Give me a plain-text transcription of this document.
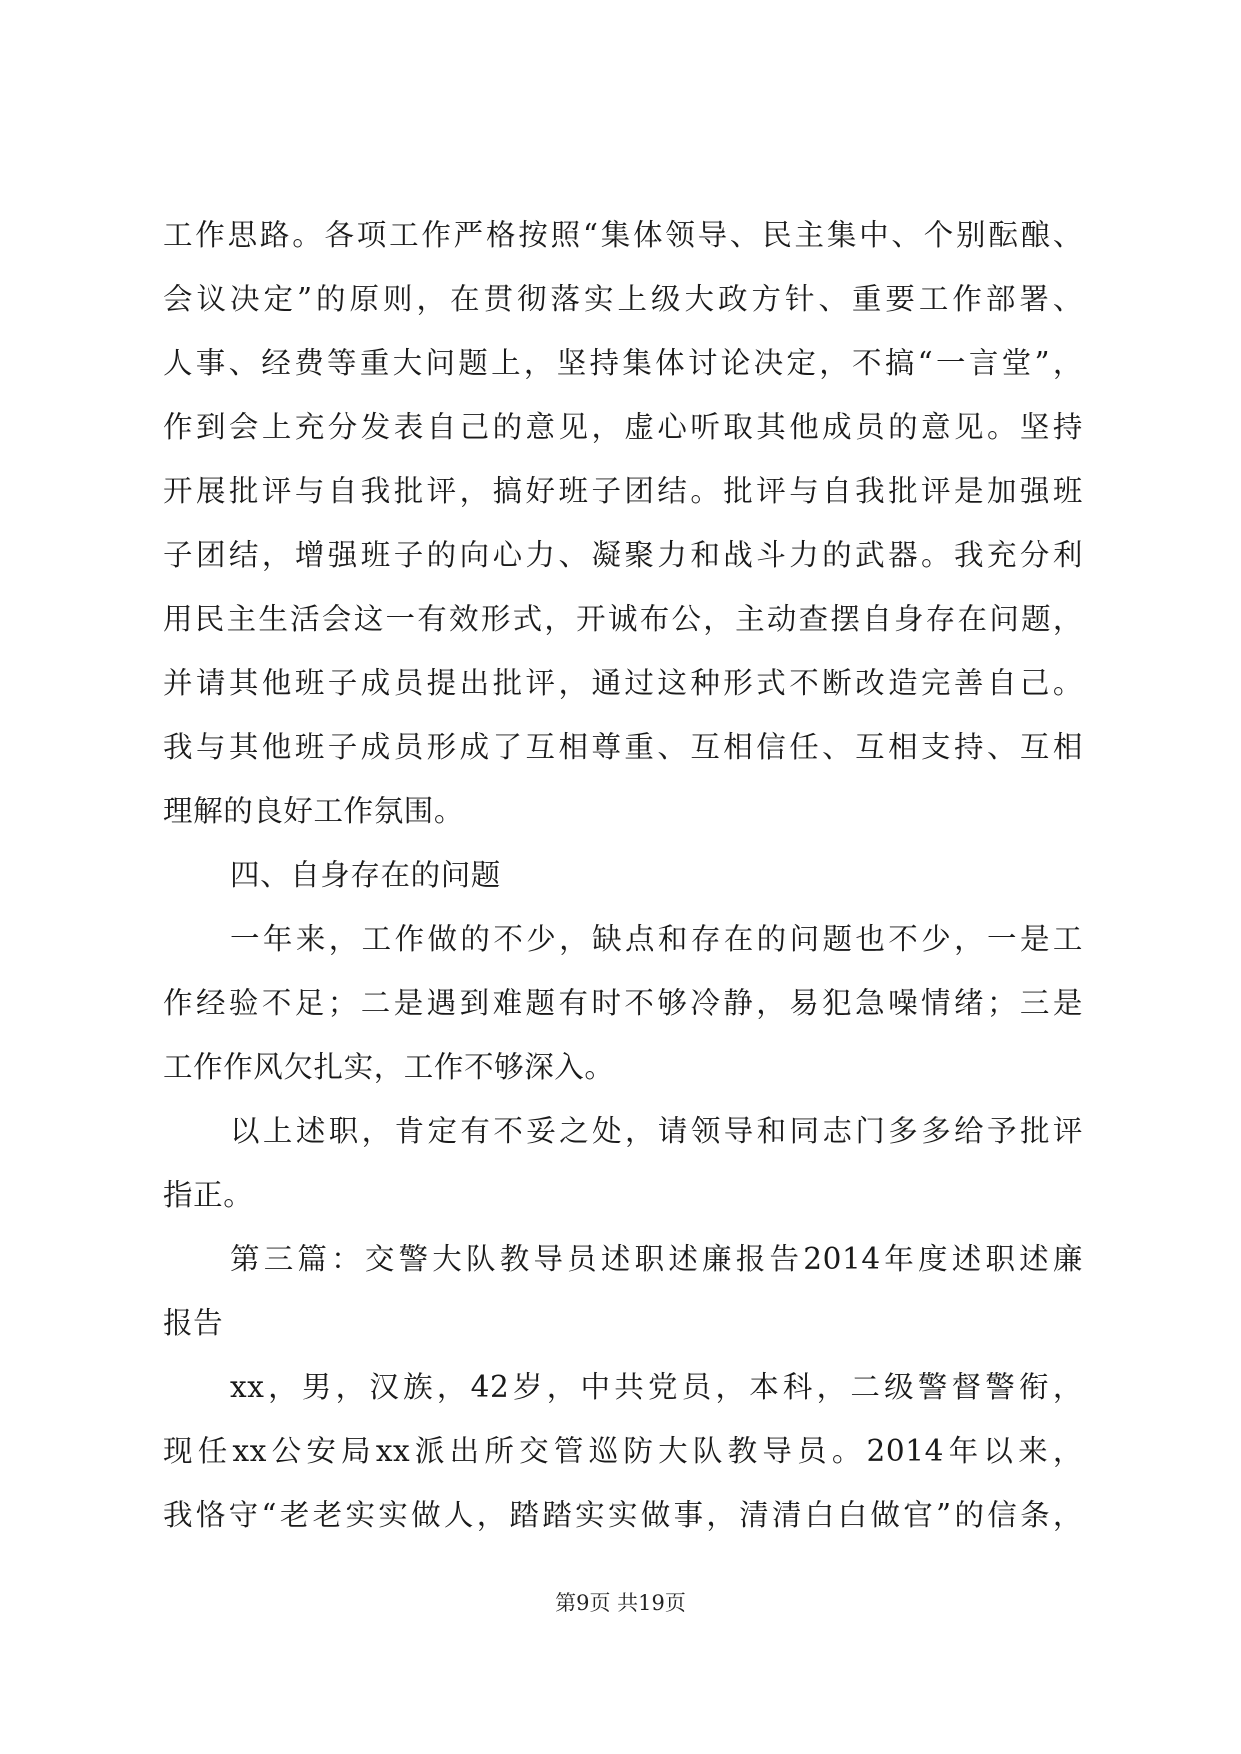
工作思路。各项工作严格按照“集体领导、民主集中、个别酝酿、
会议决定”的原则，在贯彻落实上级大政方针、重要工作部署、
人事、经费等重大问题上，坚持集体讨论决定，不搞“一言堂”，
作到会上充分发表自己的意见，虚心听取其他成员的意见。坚持
开展批评与自我批评，搞好班子团结。批评与自我批评是加强班
子团结，增强班子的向心力、凝聚力和战斗力的武器。我充分利
用民主生活会这一有效形式，开诚布公，主动查摆自身存在问题，
并请其他班子成员提出批评，通过这种形式不断改造完善自己。
我与其他班子成员形成了互相尊重、互相信任、互相支持、互相
理解的良好工作氛围。
四、自身存在的问题
一年来，工作做的不少，缺点和存在的问题也不少，一是工
作经验不足；二是遇到难题有时不够冷静，易犯急噪情绪；三是
工作作风欠扎实，工作不够深入。
以上述职，肯定有不妥之处，请领导和同志门多多给予批评
指正。
第三篇：交警大队教导员述职述廉报告2014年度述职述廉
报告
xx，男，汉族，42岁，中共党员，本科，二级警督警衔，
现任xx公安局xx派出所交管巡防大队教导员。2014年以来，
我恪守“老老实实做人，踏踏实实做事，清清白白做官”的信条，
第9页 共19页
